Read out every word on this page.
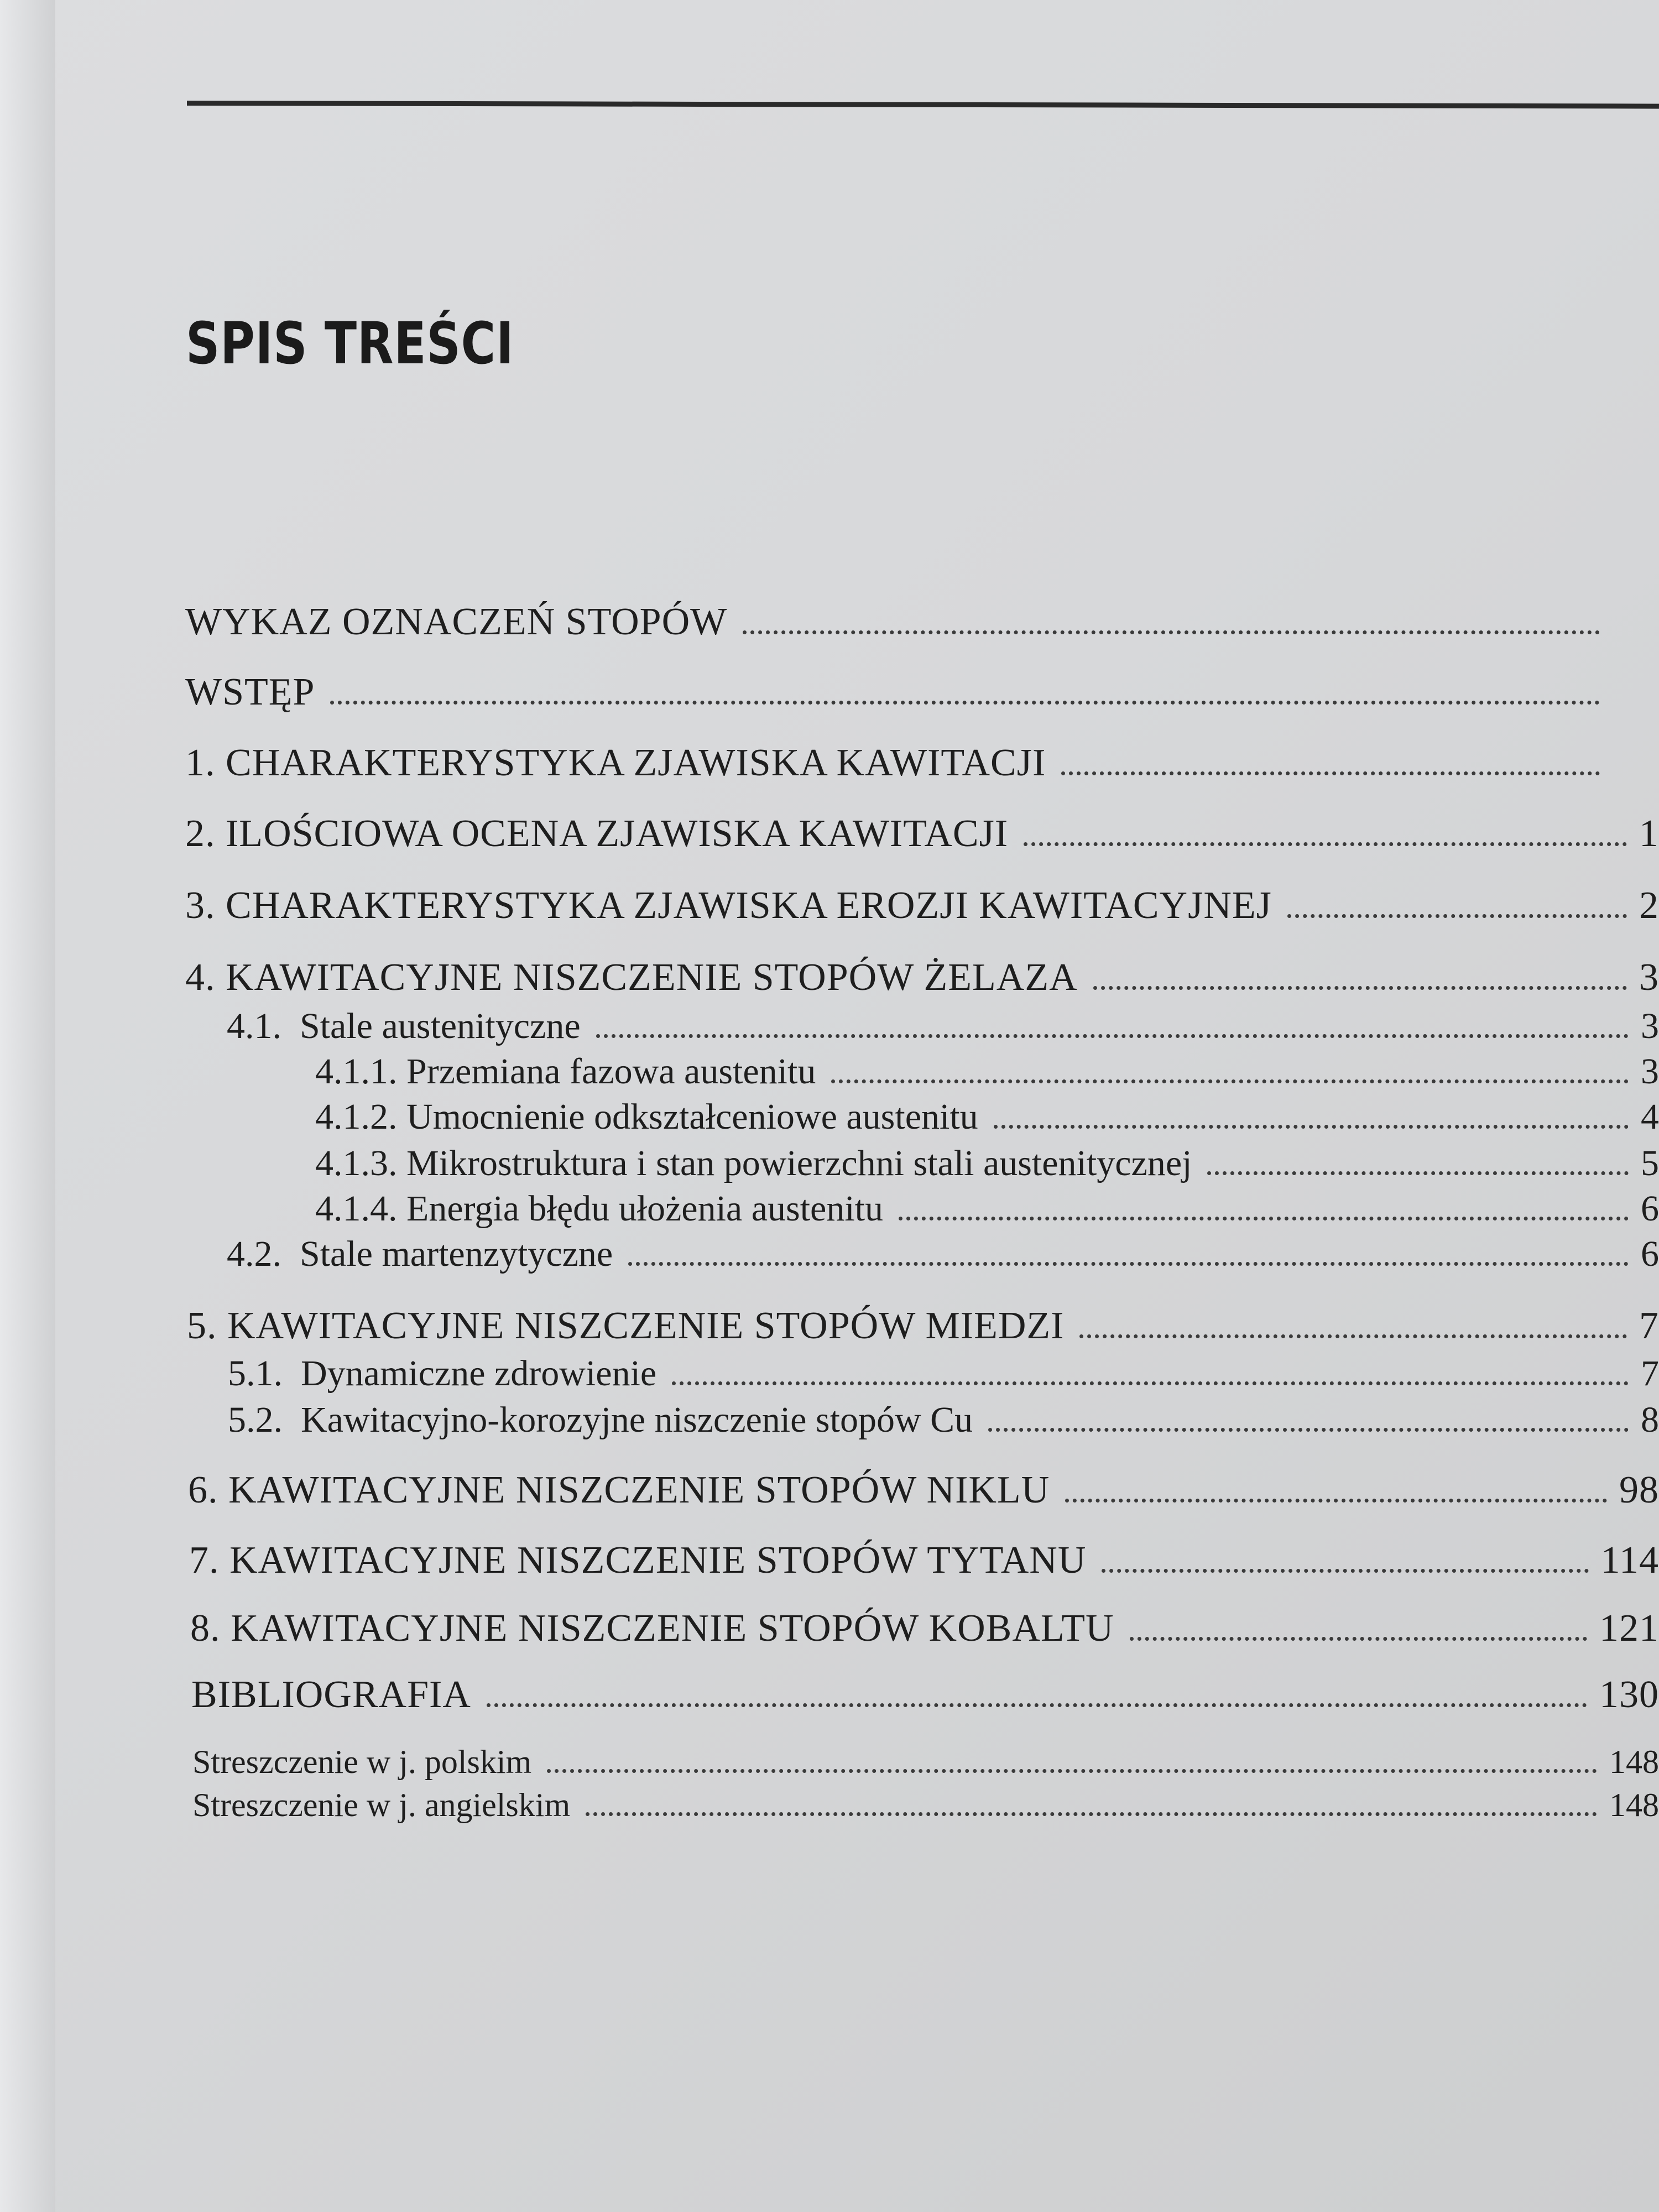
SPIS TREŚCI
WYKAZ OZNACZEŃ STOPÓW
WSTĘP
1. CHARAKTERYSTYKA ZJAWISKA KAWITACJI
2. ILOŚCIOWA OCENA ZJAWISKA KAWITACJI	1
3. CHARAKTERYSTYKA ZJAWISKA EROZJI KAWITACYJNEJ	2
4. KAWITACYJNE NISZCZENIE STOPÓW ŻELAZA	3
4.1.  Stale austenityczne	3
4.1.1. Przemiana fazowa austenitu	3
4.1.2. Umocnienie odkształceniowe austenitu	4
4.1.3. Mikrostruktura i stan powierzchni stali austenitycznej	5
4.1.4. Energia błędu ułożenia austenitu	6
4.2.  Stale martenzytyczne	6
5. KAWITACYJNE NISZCZENIE STOPÓW MIEDZI	7
5.1.  Dynamiczne zdrowienie	7
5.2.  Kawitacyjno-korozyjne niszczenie stopów Cu	8
6. KAWITACYJNE NISZCZENIE STOPÓW NIKLU	98
7. KAWITACYJNE NISZCZENIE STOPÓW TYTANU	114
8. KAWITACYJNE NISZCZENIE STOPÓW KOBALTU	121
BIBLIOGRAFIA	130
Streszczenie w j. polskim	148
Streszczenie w j. angielskim	148
